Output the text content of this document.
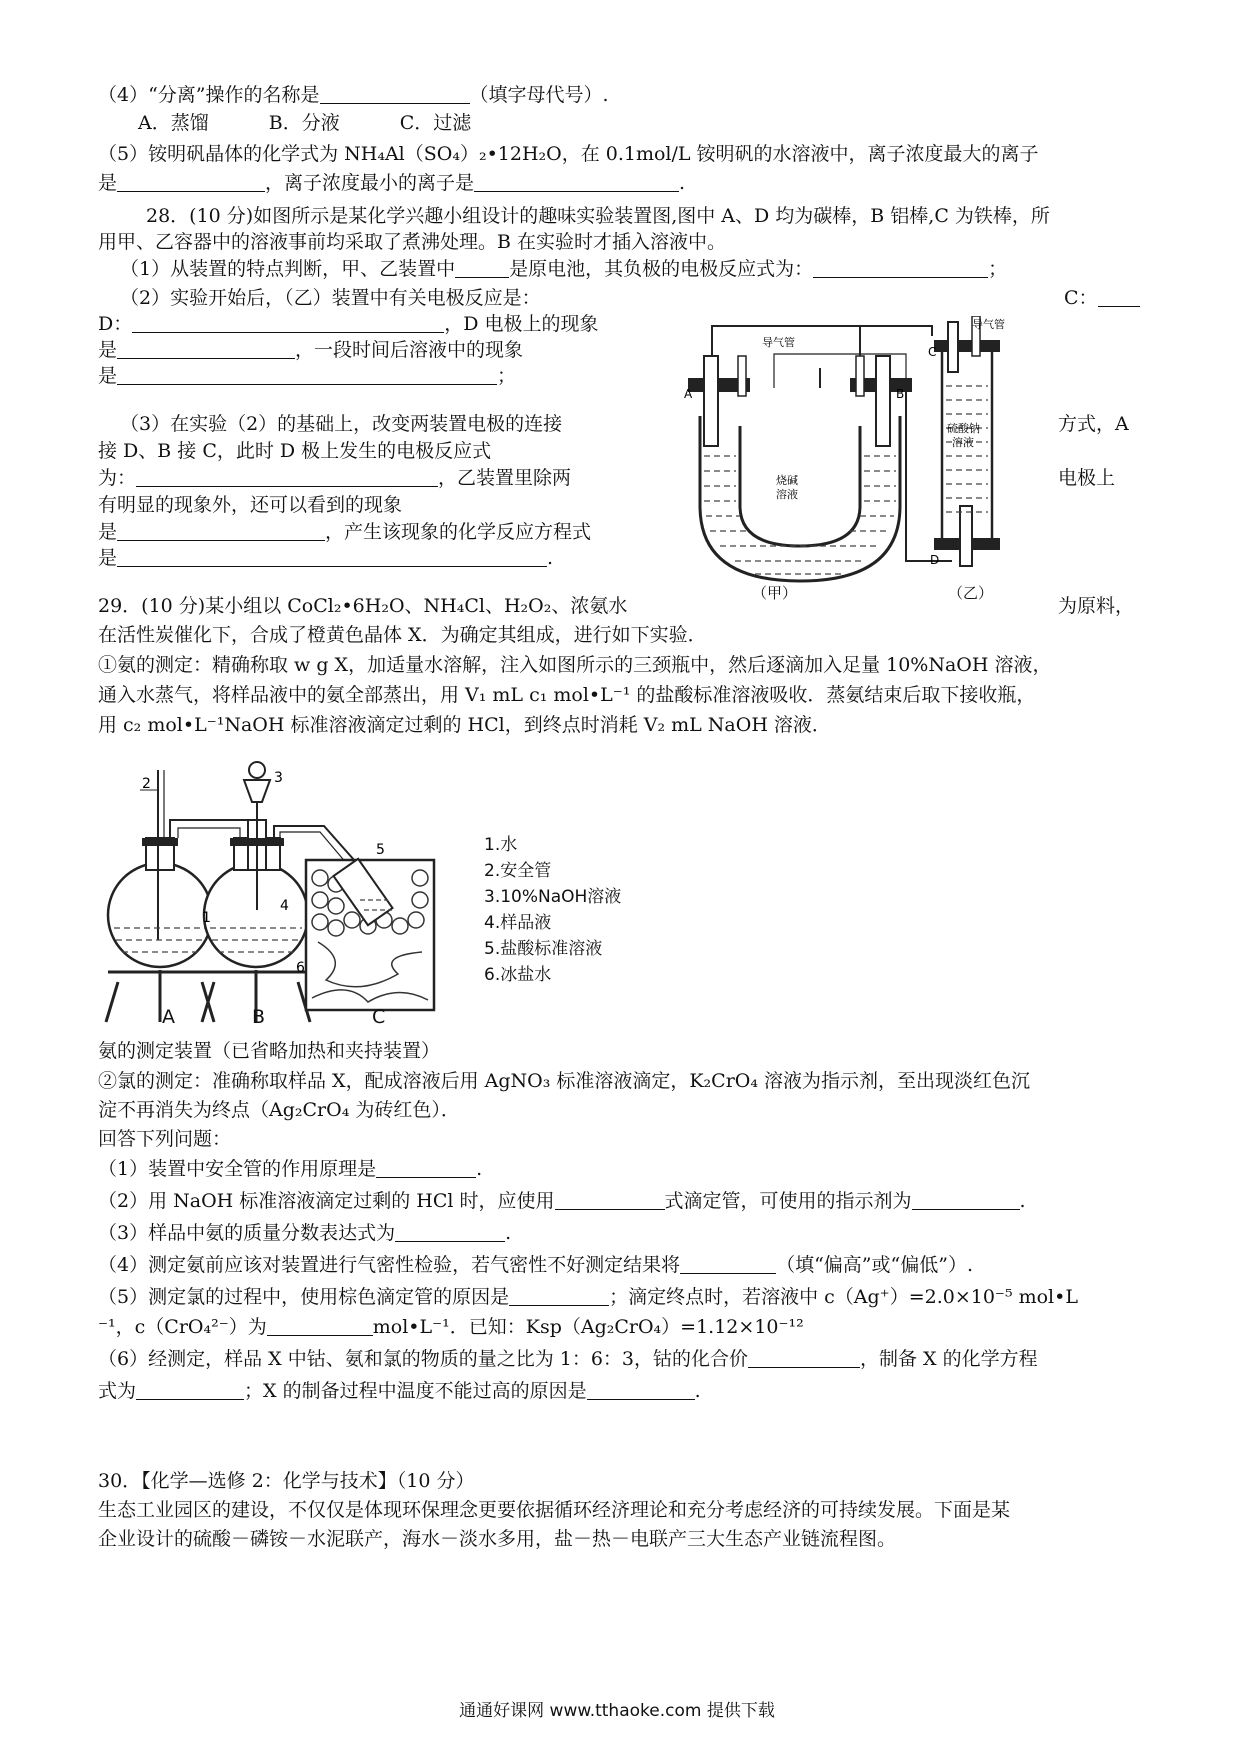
（4）“分离”操作的名称是	（填字母代号）.
A．蒸馏	B．分液	C．过滤
（5）铵明矾晶体的化学式为 NH₄Al（SO₄）₂•12H₂O，在 0.1mol/L 铵明矾的水溶液中，离子浓度最大的离子
是	，离子浓度最小的离子是	.
28．(10 分)如图所示是某化学兴趣小组设计的趣味实验装置图,图中 A、D 均为碳棒，B 铝棒,C 为铁棒，所
用甲、乙容器中的溶液事前均采取了煮沸处理。B 在实验时才插入溶液中。
（1）从装置的特点判断，甲、乙装置中	是原电池，其负极的电极反应式为：	；
（2）实验开始后，（乙）装置中有关电极反应是：	C：
D：	，D 电极上的现象
是	，一段时间后溶液中的现象
是	；
（3）在实验（2）的基础上，改变两装置电极的连接	方式，A
接 D、B 接 C，此时 D 极上发生的电极反应式
为：	，乙装置里除两	电极上
有明显的现象外，还可以看到的现象
是	，产生该现象的化学反应方程式
是	.
导气管
导气管
A	B
C
D
烧碱
溶液
硫酸钠
溶液
（甲）	（乙）
29．(10 分)某小组以 CoCl₂•6H₂O、NH₄Cl、H₂O₂、浓氨水	为原料，
在活性炭催化下，合成了橙黄色晶体 X．为确定其组成，进行如下实验．
①氨的测定：精确称取 w g X，加适量水溶解，注入如图所示的三颈瓶中，然后逐滴加入足量 10%NaOH 溶液，
通入水蒸气，将样品液中的氨全部蒸出，用 V₁ mL c₁ mol•L⁻¹ 的盐酸标准溶液吸收．蒸氨结束后取下接收瓶，
用 c₂ mol•L⁻¹NaOH 标准溶液滴定过剩的 HCl，到终点时消耗 V₂ mL NaOH 溶液．
2	3
1
4
5
6
A	B	C
1.水
2.安全管
3.10%NaOH溶液
4.样品液
5.盐酸标准溶液
6.冰盐水
氨的测定装置（已省略加热和夹持装置）
②氯的测定：准确称取样品 X，配成溶液后用 AgNO₃ 标准溶液滴定，K₂CrO₄ 溶液为指示剂，至出现淡红色沉
淀不再消失为终点（Ag₂CrO₄ 为砖红色）．
回答下列问题：
（1）装置中安全管的作用原理是	.
（2）用 NaOH 标准溶液滴定过剩的 HCl 时，应使用	式滴定管，可使用的指示剂为	.
（3）样品中氨的质量分数表达式为	.
（4）测定氨前应该对装置进行气密性检验，若气密性不好测定结果将	（填“偏高”或“偏低”）.
（5）测定氯的过程中，使用棕色滴定管的原因是	；滴定终点时，若溶液中 c（Ag⁺）=2.0×10⁻⁵ mol•L
⁻¹，c（CrO₄²⁻）为	mol•L⁻¹．已知：Ksp（Ag₂CrO₄）=1.12×10⁻¹²
（6）经测定，样品 X 中钴、氨和氯的物质的量之比为 1：6：3，钴的化合价	，制备 X 的化学方程
式为	；X 的制备过程中温度不能过高的原因是	.
30．【化学—选修 2：化学与技术】（10 分）
生态工业园区的建设，不仅仅是体现环保理念更要依据循环经济理论和充分考虑经济的可持续发展。下面是某
企业设计的硫酸－磷铵－水泥联产，海水－淡水多用，盐－热－电联产三大生态产业链流程图。
通通好课网 www.tthaoke.com 提供下载
